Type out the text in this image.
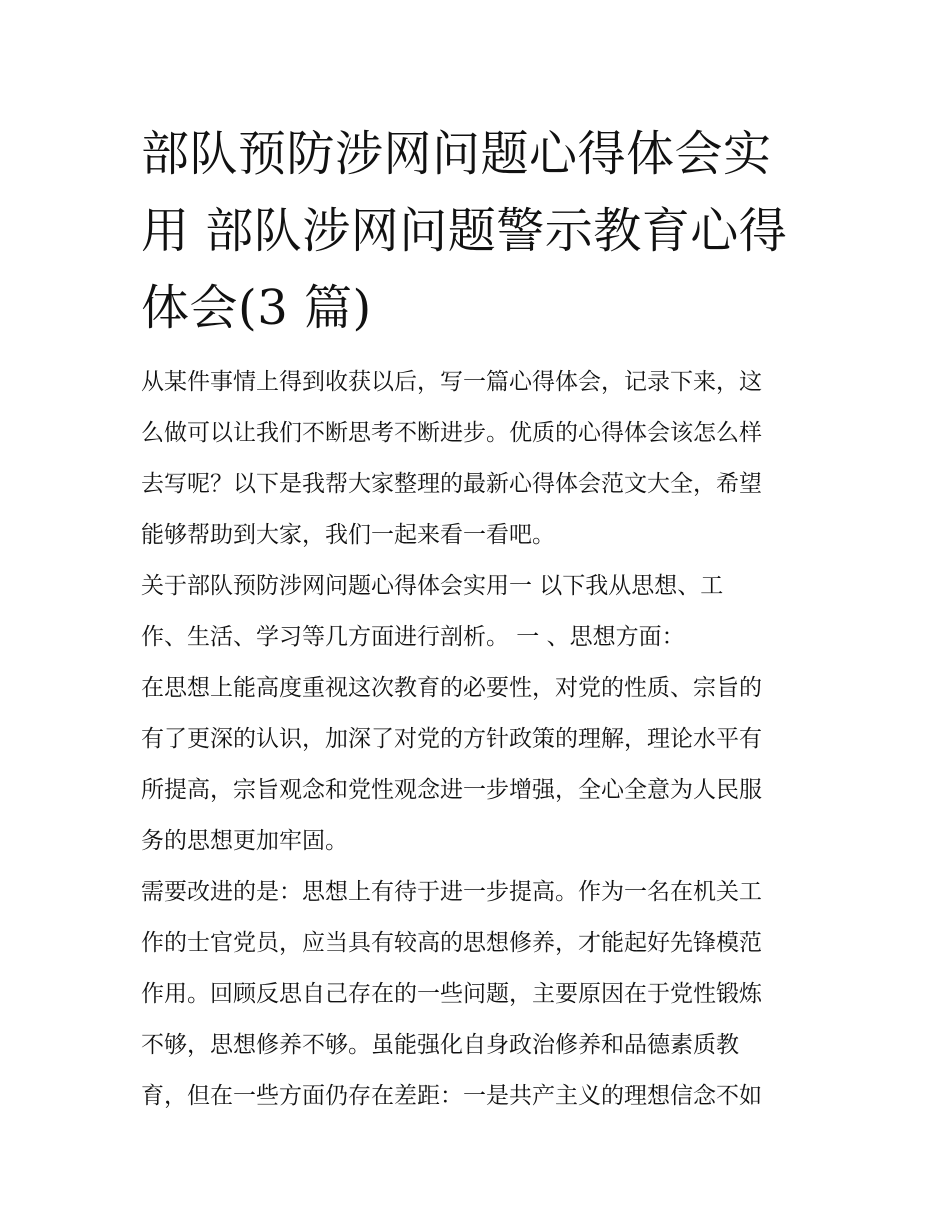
部队预防涉网问题心得体会实
用 部队涉网问题警示教育心得
体会(3 篇)
从某件事情上得到收获以后，写一篇心得体会，记录下来，这
么做可以让我们不断思考不断进步。优质的心得体会该怎么样
去写呢？以下是我帮大家整理的最新心得体会范文大全，希望
能够帮助到大家，我们一起来看一看吧。
关于部队预防涉网问题心得体会实用一 以下我从思想、工
作、生活、学习等几方面进行剖析。 一 、思想方面：
在思想上能高度重视这次教育的必要性，对党的性质、宗旨的
有了更深的认识，加深了对党的方针政策的理解，理论水平有
所提高，宗旨观念和党性观念进一步增强，全心全意为人民服
务的思想更加牢固。
需要改进的是：思想上有待于进一步提高。作为一名在机关工
作的士官党员，应当具有较高的思想修养，才能起好先锋模范
作用。回顾反思自己存在的一些问题，主要原因在于党性锻炼
不够，思想修养不够。虽能强化自身政治修养和品德素质教
育，但在一些方面仍存在差距：一是共产主义的理想信念不如
